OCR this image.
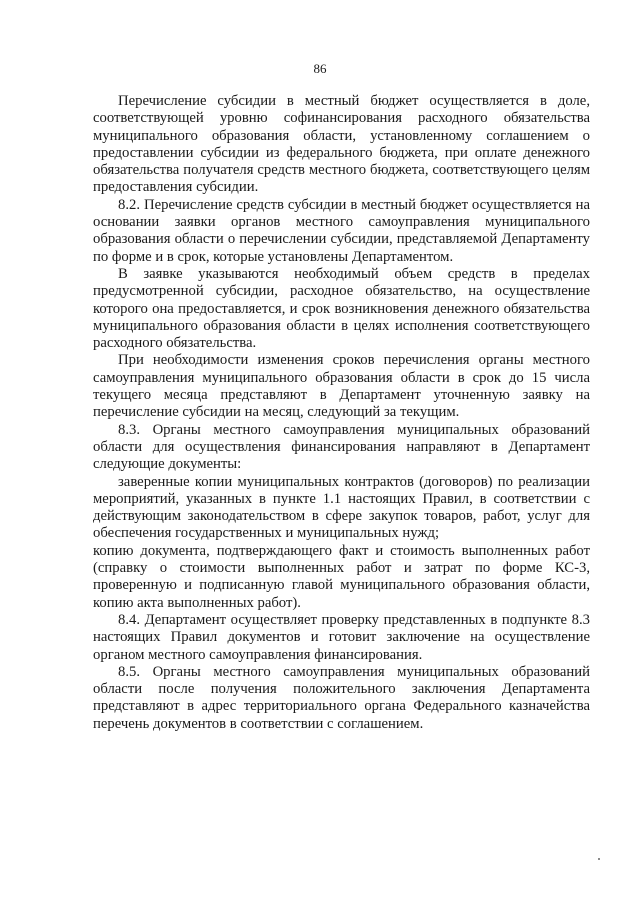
86

Перечисление субсидии в местный бюджет осуществляется в доле, соответствующей уровню софинансирования расходного обязательства муниципального образования области, установленному соглашением о предоставлении субсидии из федерального бюджета, при оплате денежного обязательства получателя средств местного бюджета, соответствующего целям предоставления субсидии.

8.2. Перечисление средств субсидии в местный бюджет осуществляется на основании заявки органов местного самоуправления муниципального образования области о перечислении субсидии, представляемой Департаменту по форме и в срок, которые установлены Департаментом.

В заявке указываются необходимый объем средств в пределах предусмотренной субсидии, расходное обязательство, на осуществление которого она предоставляется, и срок возникновения денежного обязательства муниципального образования области в целях исполнения соответствующего расходного обязательства.

При необходимости изменения сроков перечисления органы местного самоуправления муниципального образования области в срок до 15 числа текущего месяца представляют в Департамент уточненную заявку на перечисление субсидии на месяц, следующий за текущим.

8.3. Органы местного самоуправления муниципальных образований области для осуществления финансирования направляют в Департамент следующие документы:

заверенные копии муниципальных контрактов (договоров) по реализации мероприятий, указанных в пункте 1.1 настоящих Правил, в соответствии с действующим законодательством в сфере закупок товаров, работ, услуг для обеспечения государственных и муниципальных нужд;

копию документа, подтверждающего факт и стоимость выполненных работ (справку о стоимости выполненных работ и затрат по форме КС-3, проверенную и подписанную главой муниципального образования области, копию акта выполненных работ).

8.4. Департамент осуществляет проверку представленных в подпункте 8.3 настоящих Правил документов и готовит заключение на осуществление органом местного самоуправления финансирования.

8.5. Органы местного самоуправления муниципальных образований области после получения положительного заключения Департамента представляют в адрес территориального органа Федерального казначейства перечень документов в соответствии с соглашением.
